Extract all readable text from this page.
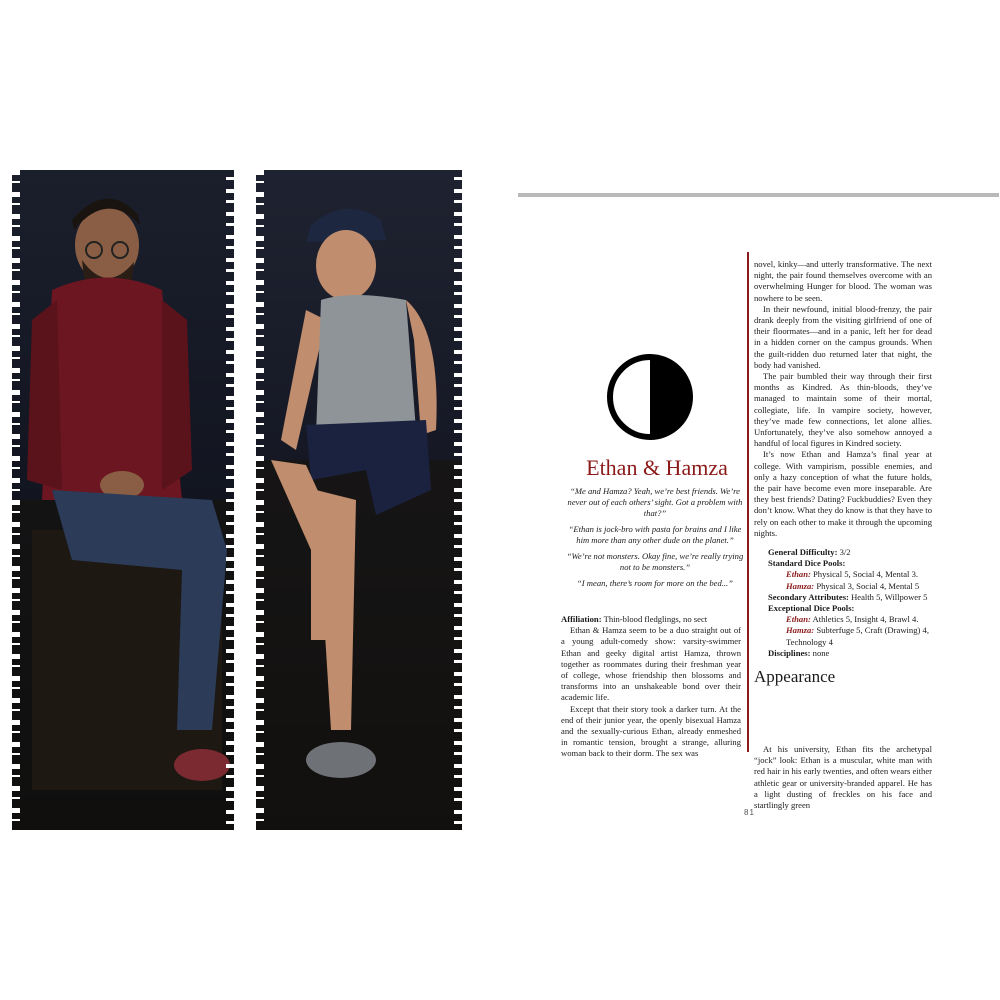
Ethan & Hamza

“Me and Hamza? Yeah, we’re best friends. We’re never out of each others’ sight. Got a problem with that?”

“Ethan is jock-bro with pasta for brains and I like him more than any other dude on the planet.”

“We’re not monsters. Okay fine, we’re really trying not to be monsters.”

“I mean, there’s room for more on the bed...”

Affiliation: Thin-blood fledglings, no sect

Ethan & Hamza seem to be a duo straight out of a young adult-comedy show: varsity-swimmer Ethan and geeky digital artist Hamza, thrown together as roommates during their freshman year of college, whose friendship then blossoms and transforms into an unshakeable bond over their academic life.

Except that their story took a darker turn. At the end of their junior year, the openly bisexual Hamza and the sexually-curious Ethan, already enmeshed in romantic tension, brought a strange, alluring woman back to their dorm. The sex was

novel, kinky—and utterly transformative. The next night, the pair found themselves overcome with an overwhelming Hunger for blood. The woman was nowhere to be seen.

In their newfound, initial blood-frenzy, the pair drank deeply from the visiting girlfriend of one of their floormates—and in a panic, left her for dead in a hidden corner on the campus grounds. When the guilt-ridden duo returned later that night, the body had vanished.

The pair bumbled their way through their first months as Kindred. As thin-bloods, they’ve managed to maintain some of their mortal, collegiate, life. In vampire society, however, they’ve made few connections, let alone allies. Unfortunately, they’ve also somehow annoyed a handful of local figures in Kindred society.

It’s now Ethan and Hamza’s final year at college. With vampirism, possible enemies, and only a hazy conception of what the future holds, the pair have become even more inseparable. Are they best friends? Dating? Fuckbuddies? Even they don’t know. What they do know is that they have to rely on each other to make it through the upcoming nights.

General Difficulty: 3/2
Standard Dice Pools:
Ethan: Physical 5, Social 4, Mental 3.
Hamza: Physical 3, Social 4, Mental 5
Secondary Attributes: Health 5, Willpower 5
Exceptional Dice Pools:
Ethan: Athletics 5, Insight 4, Brawl 4.
Hamza: Subterfuge 5, Craft (Drawing) 4,
Technology 4
Disciplines: none
Appearance

At his university, Ethan fits the archetypal “jock” look: Ethan is a muscular, white man with red hair in his early twenties, and often wears either athletic gear or university-branded apparel. He has a light dusting of freckles on his face and startlingly green

81
